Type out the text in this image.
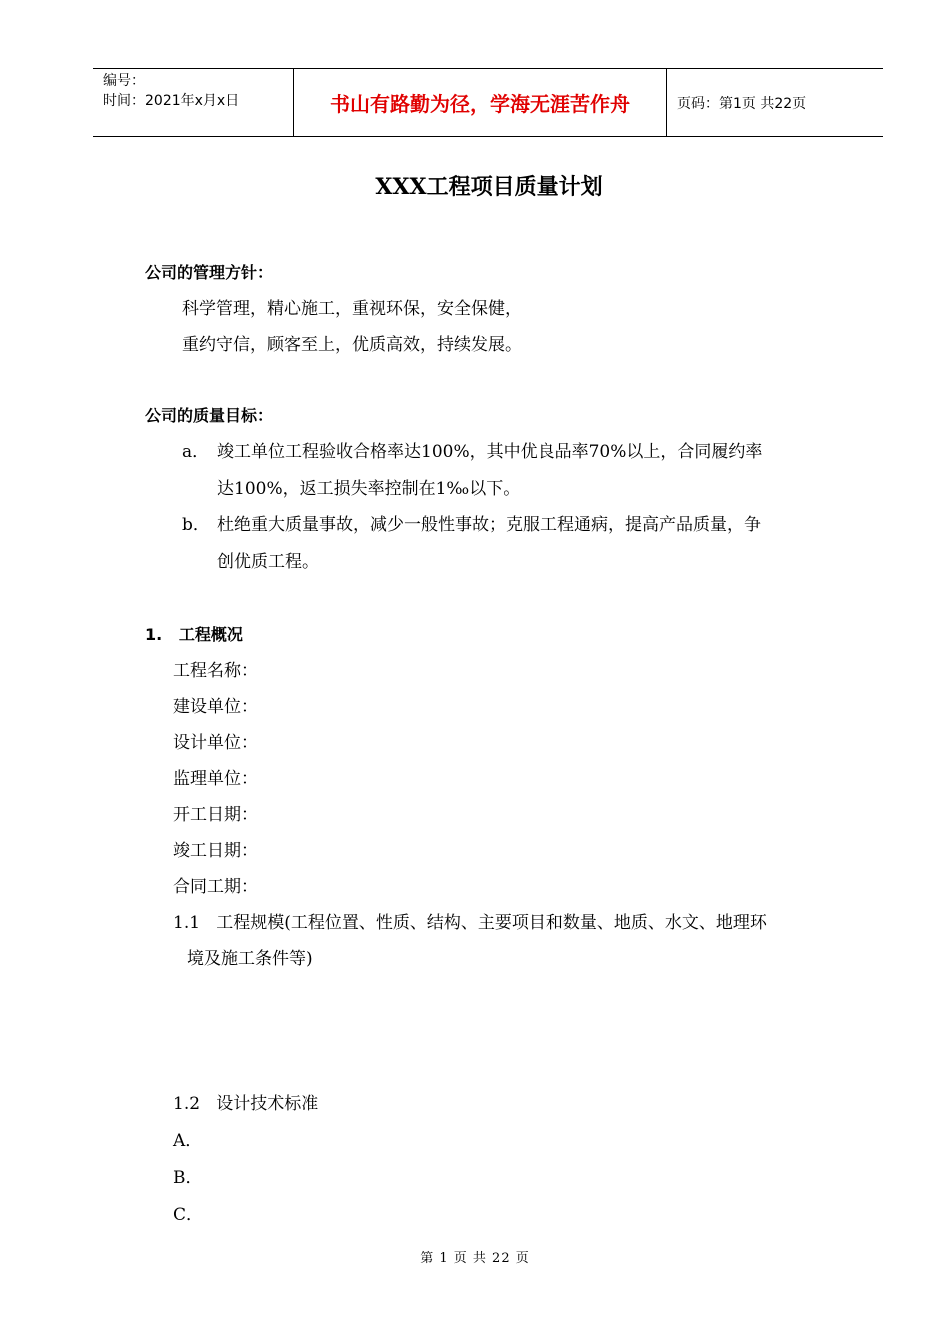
编号：
时间：2021年x月x日	书山有路勤为径，学海无涯苦作舟	页码：第1页 共22页
XXX工程项目质量计划
公司的管理方针：
科学管理，精心施工，重视环保，安全保健，
重约守信，顾客至上，优质高效，持续发展。
公司的质量目标：
a． 竣工单位工程验收合格率达100%，其中优良品率70%以上，合同履约率
达100%，返工损失率控制在1‰以下。
b． 杜绝重大质量事故，减少一般性事故；克服工程通病，提高产品质量，争
创优质工程。
1.   工程概况
工程名称：
建设单位：
设计单位：
监理单位：
开工日期：
竣工日期：
合同工期：
1.1   工程规模(工程位置、性质、结构、主要项目和数量、地质、水文、地理环
境及施工条件等)
1.2   设计技术标准
A．
B．
C．
第 1 页 共 22 页
